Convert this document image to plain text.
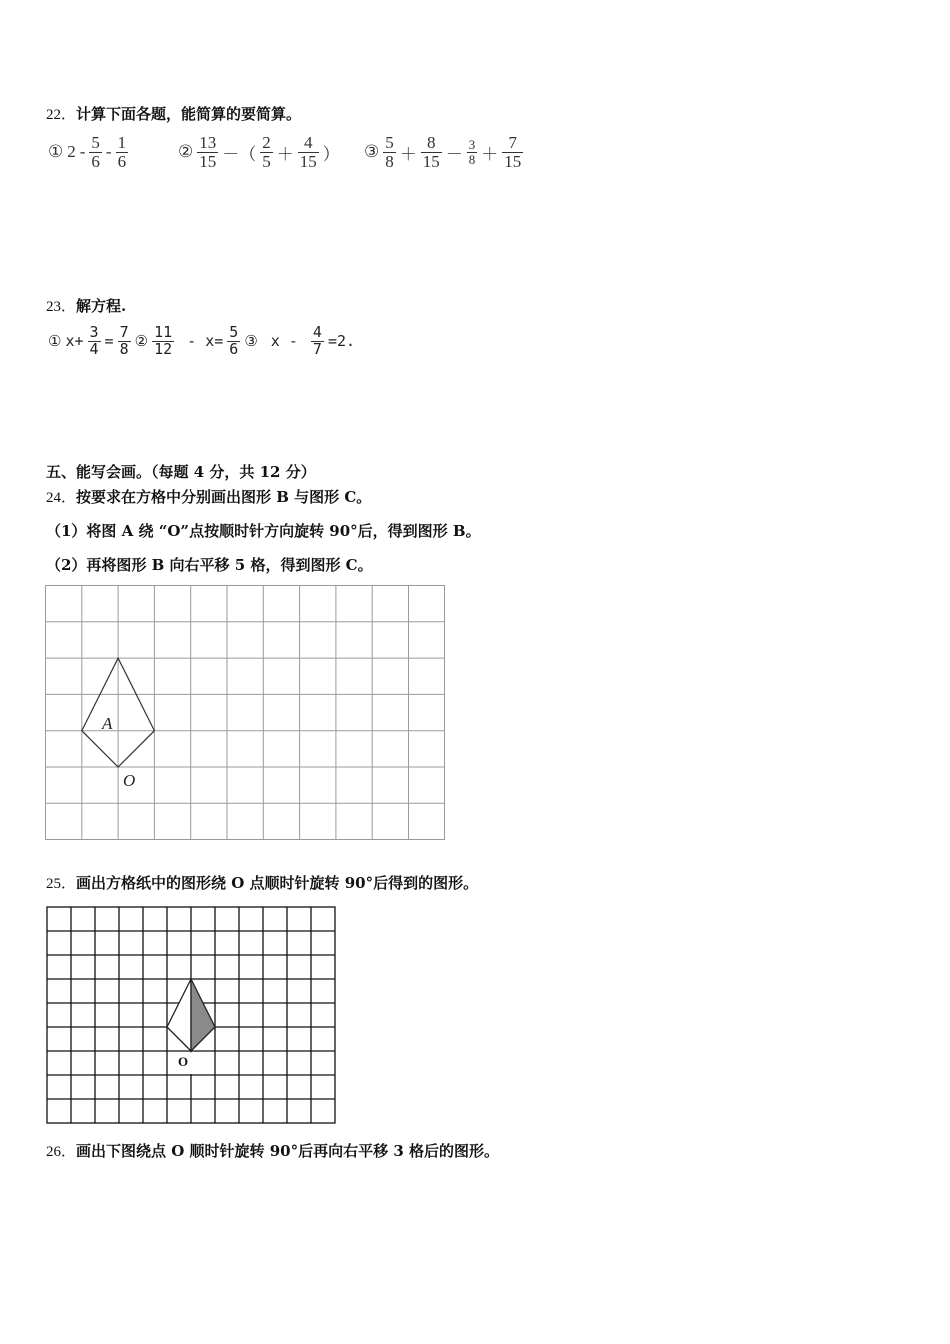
22．计算下面各题，能简算的要简算。
① $2 - \frac{5}{6} - \frac{1}{6}$	② $\frac{13}{15}$ －（ $\frac{2}{5} + \frac{4}{15}$ ） ③ $\frac{5}{8} + \frac{8}{15} - \frac{3}{8} + \frac{7}{15}$
23．解方程.
① $x+ \frac{3}{4} = \frac{7}{8}$ ② $\frac{11}{12} - x= \frac{5}{6}$ ③ $x - \frac{4}{7} =2$.
五、能写会画。（每题 4 分，共 12 分）
24．按要求在方格中分别画出图形 B 与图形 C。
（1）将图 A 绕 “O”点按顺时针方向旋转 90°后，得到图形 B。
（2）再将图形 B 向右平移 5 格，得到图形 C。
A
O
25．画出方格纸中的图形绕 O 点顺时针旋转 90°后得到的图形。
O
26．画出下图绕点 O 顺时针旋转 90°后再向右平移 3 格后的图形。
